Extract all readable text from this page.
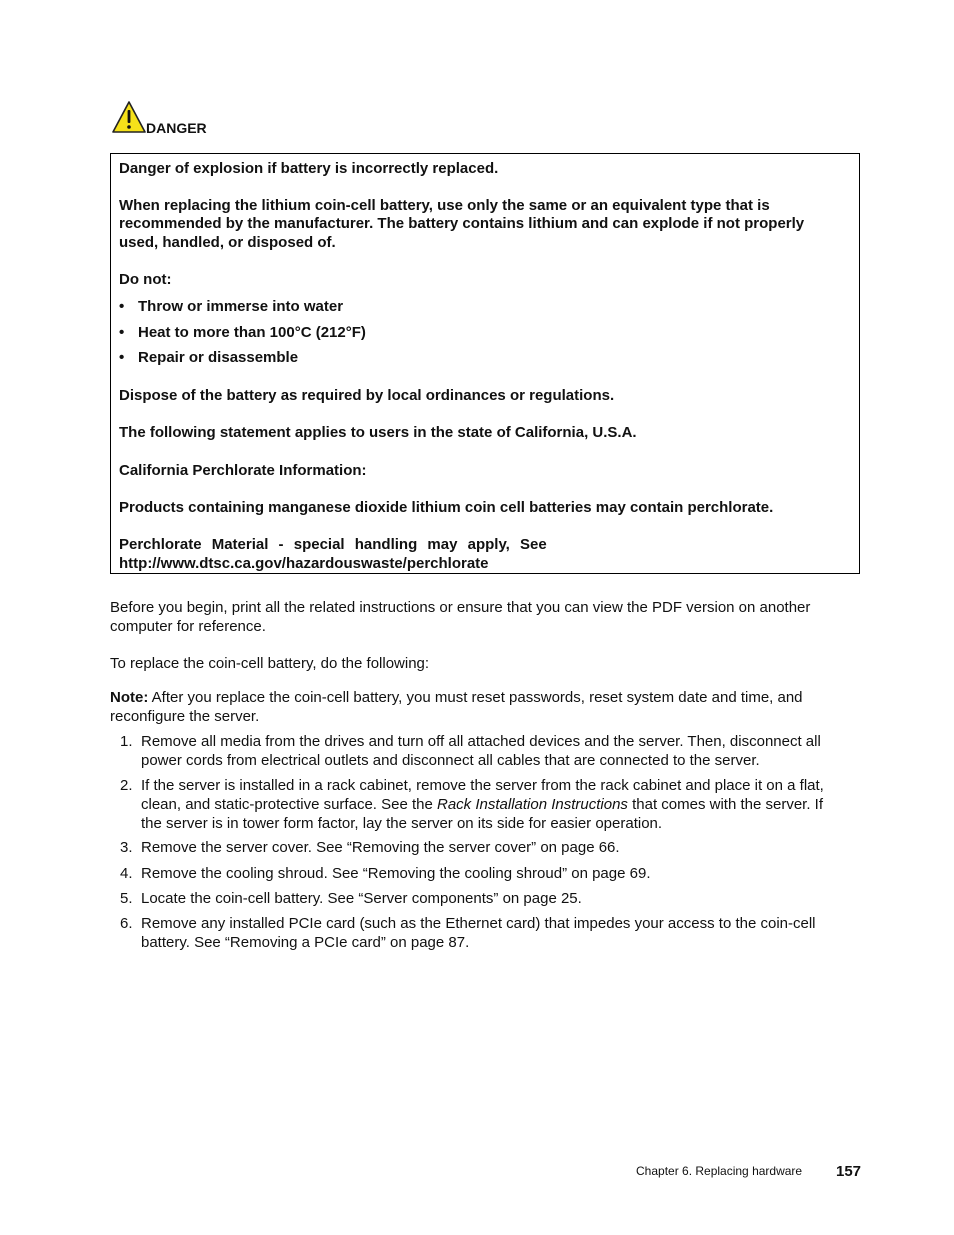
DANGER
Danger of explosion if battery is incorrectly replaced.
When replacing the lithium coin-cell battery, use only the same or an equivalent type that is
recommended by the manufacturer. The battery contains lithium and can explode if not properly
used, handled, or disposed of.
Do not:
• Throw or immerse into water
• Heat to more than 100°C (212°F)
• Repair or disassemble
Dispose of the battery as required by local ordinances or regulations.
The following statement applies to users in the state of California, U.S.A.
California Perchlorate Information:
Products containing manganese dioxide lithium coin cell batteries may contain perchlorate.
Perchlorate Material - special handling may apply, See
http://www.dtsc.ca.gov/hazardouswaste/perchlorate
Before you begin, print all the related instructions or ensure that you can view the PDF version on another
computer for reference.
To replace the coin-cell battery, do the following:
Note: After you replace the coin-cell battery, you must reset passwords, reset system date and time, and
reconfigure the server.
1. Remove all media from the drives and turn off all attached devices and the server. Then, disconnect all
power cords from electrical outlets and disconnect all cables that are connected to the server.
2. If the server is installed in a rack cabinet, remove the server from the rack cabinet and place it on a flat,
clean, and static-protective surface. See the Rack Installation Instructions that comes with the server. If
the server is in tower form factor, lay the server on its side for easier operation.
3. Remove the server cover. See “Removing the server cover” on page 66.
4. Remove the cooling shroud. See “Removing the cooling shroud” on page 69.
5. Locate the coin-cell battery. See “Server components” on page 25.
6. Remove any installed PCIe card (such as the Ethernet card) that impedes your access to the coin-cell
battery. See “Removing a PCIe card” on page 87.
Chapter 6. Replacing hardware 157
